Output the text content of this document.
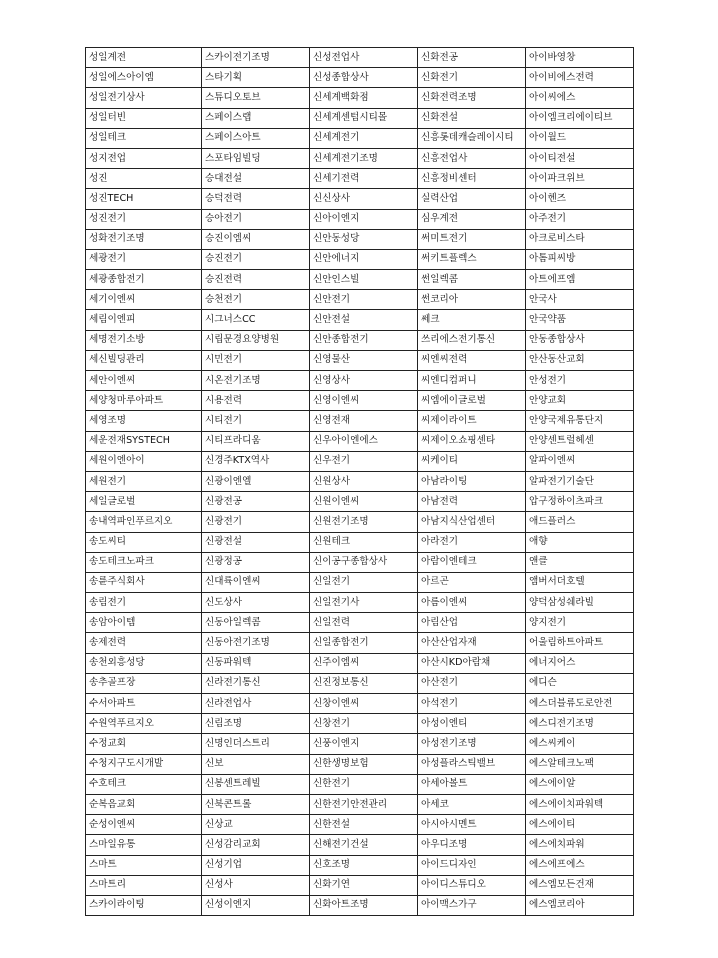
성일계전	스카이전기조명	신성전업사	신화전공	아이바영창
성일에스아이엠	스타기획	신성종합상사	신화전기	아이비에스전력
성일전기상사	스튜디오토브	신세계백화점	신화전력조명	아이씨에스
성일터빈	스페이스랩	신세계센텀시티몰	신화전설	아이엠크리에이티브
성일테크	스페이스아트	신세계전기	신흥롯데캐슬레이시티	아이월드
성지전업	스포타임빌딩	신세계전기조명	신흥전업사	아이티전설
성진	승대전설	신세기전력	신흥정비센터	아이파크위브
성진TECH	승덕전력	신신상사	실력산업	아이헨즈
성진전기	승아전기	신아이엔지	심우계전	아주전기
성화전기조명	승진이엠씨	신안동성당	써미트전기	아크로비스타
세광전기	승진전기	신안에너지	써키트플렉스	아톰피씨방
세광종합전기	승진전력	신안인스빌	썬일렉콤	아트에프엠
세기이엔씨	승천전기	신안전기	썬코리아	안국사
세림이엔피	시그너스CC	신안전설	쎄크	안국약품
세명전기소방	시립문경요양병원	신안종합전기	쓰리에스전기통신	안동종합상사
세신빌딩관리	시민전기	신영물산	씨엔씨전력	안산동산교회
세안이엔씨	시온전기조명	신영상사	씨엔디컴퍼니	안성전기
세양청마루아파트	시용전력	신영이엔씨	씨엠에이글로벌	안양교회
세영조명	시티전기	신영전재	씨제이라이트	안양국제유통단지
세운전재SYSTECH	시티프라디움	신우아이엔에스	씨제이오쇼핑센타	안양센트럴헤센
세원이엔아이	신경주KTX역사	신우전기	씨케이티	알파이엔씨
세원전기	신광이엔엘	신원상사	아남라이팅	알파전기기술단
세일글로벌	신광전공	신원이엔씨	아남전력	압구정하이츠파크
송내역파인푸르지오	신광전기	신원전기조명	아남지식산업센터	애드플러스
송도씨티	신광전설	신원테크	아라전기	애향
송도테크노파크	신광정공	신이공구종합상사	아람이엔테크	앤클
송륜주식회사	신대륙이엔씨	신일전기	아르곤	앰버서더호텔
송림전기	신도상사	신일전기사	아름이엔씨	양덕삼성쉐라빌
송암아이템	신동아일렉콤	신일전력	아림산업	양지전기
송제전력	신동아전기조명	신일종합전기	아산산업자재	어울림하트아파트
송천외흥성당	신동파워텍	신주이엠씨	아산시KD아람채	에너지어스
송추골프장	신라전기통신	신진정보통신	아산전기	에디슨
수서아파트	신라전업사	신창이엔씨	아석전기	에스더블류도로안전
수원역푸르지오	신림조명	신창전기	아성이엔티	에스디전기조명
수정교회	신명인더스트리	신풍이엔지	아성전기조명	에스씨케이
수청지구도시개발	신보	신한생명보험	아성플라스틱밸브	에스알테크노팩
수호테크	신봉센트레빌	신한전기	아세아볼트	에스에이알
순복음교회	신북콘트롤	신한전기안전관리	아세코	에스에이치파워텍
순성이엔씨	신상교	신한전설	아시아시멘트	에스에이티
스마일유통	신성감리교회	신해전기건설	아우디조명	에스에치파워
스마트	신성기업	신호조명	아이드디자인	에스에프에스
스마트리	신성사	신화기연	아이디스튜디오	에스엠모든건재
스카이라이팅	신성이엔지	신화아트조명	아이맥스가구	에스엠코리아
